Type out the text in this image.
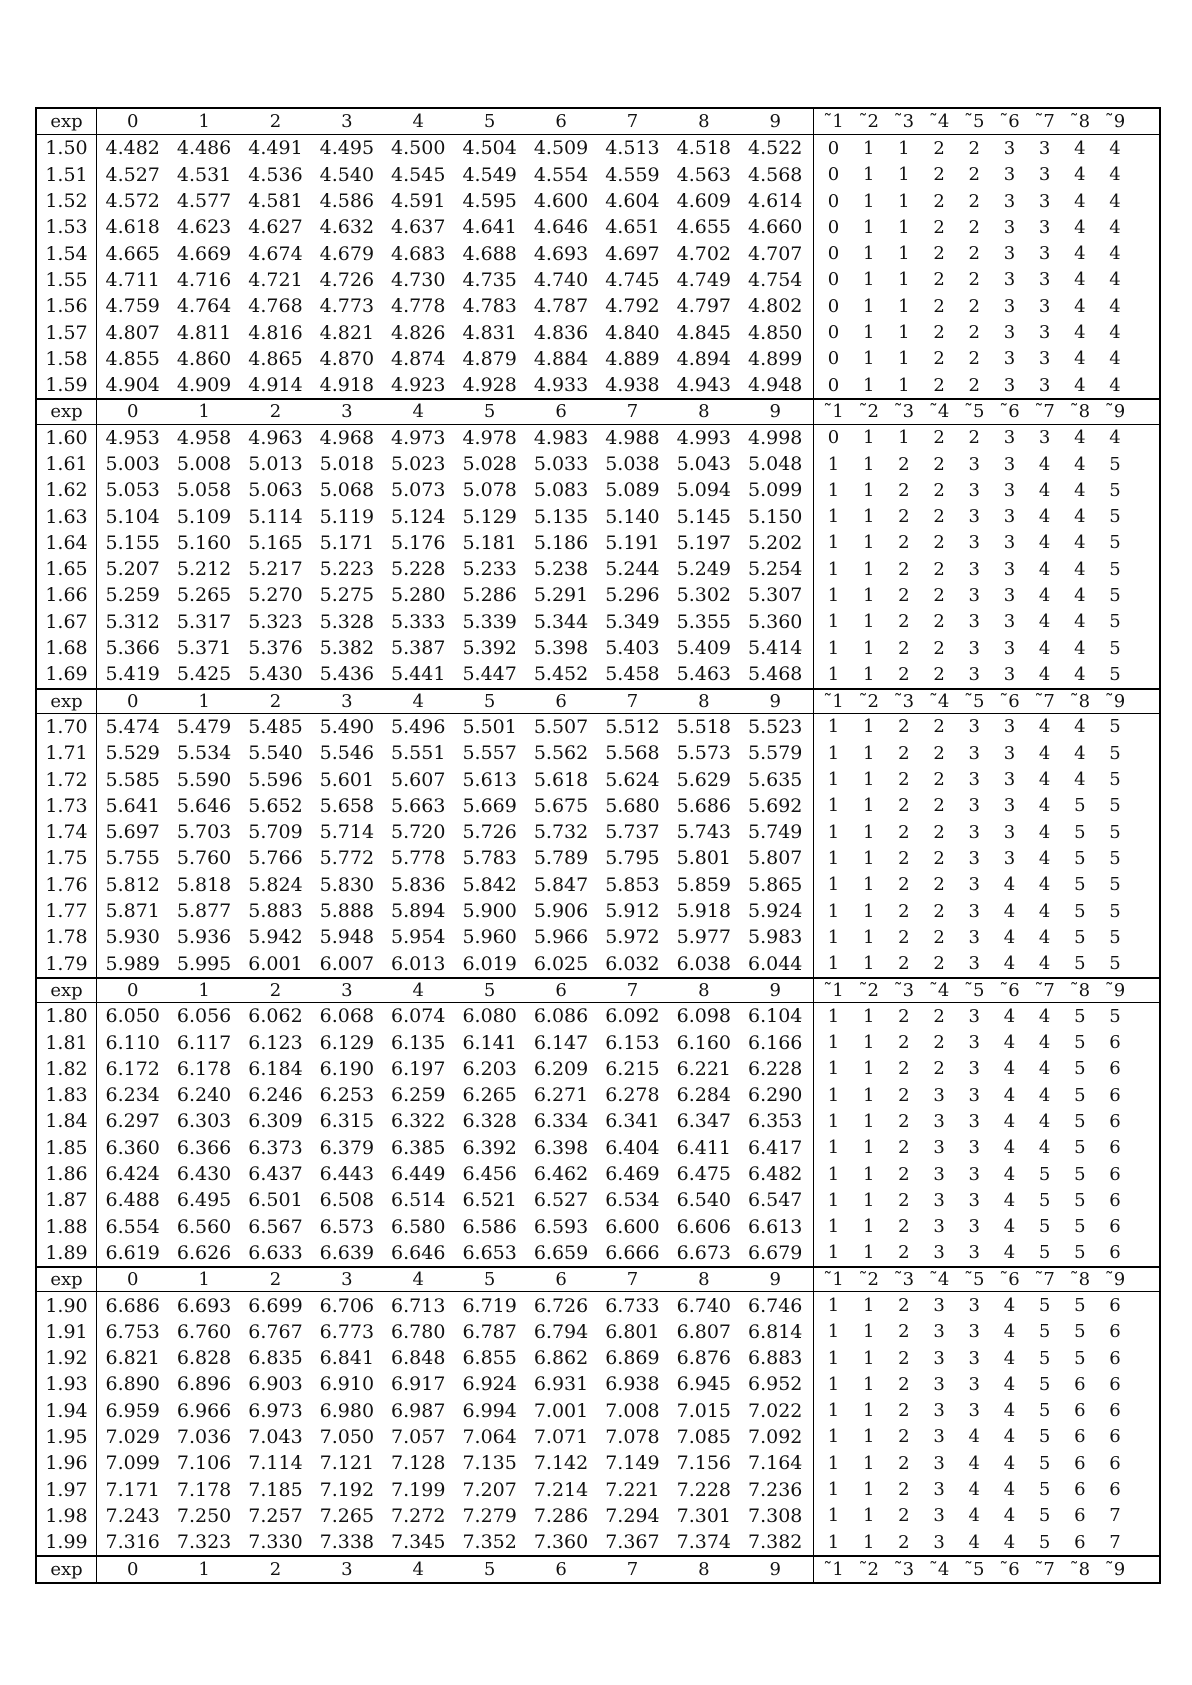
exp	0	1	2	3	4	5	6	7	8	9	˜1 ˜2 ˜3 ˜4 ˜5 ˜6 ˜7 ˜8 ˜9
1.50 4.482 4.486 4.491 4.495 4.500 4.504 4.509 4.513 4.518 4.522	0	1	1	2	2	3	3	4	4
1.51 4.527 4.531 4.536 4.540 4.545 4.549 4.554 4.559 4.563 4.568	0	1	1	2	2	3	3	4	4
1.52 4.572 4.577 4.581 4.586 4.591 4.595 4.600 4.604 4.609 4.614	0	1	1	2	2	3	3	4	4
1.53 4.618 4.623 4.627 4.632 4.637 4.641 4.646 4.651 4.655 4.660	0	1	1	2	2	3	3	4	4
1.54 4.665 4.669 4.674 4.679 4.683 4.688 4.693 4.697 4.702 4.707	0	1	1	2	2	3	3	4	4
1.55 4.711 4.716 4.721 4.726 4.730 4.735 4.740 4.745 4.749 4.754	0	1	1	2	2	3	3	4	4
1.56 4.759 4.764 4.768 4.773 4.778 4.783 4.787 4.792 4.797 4.802	0	1	1	2	2	3	3	4	4
1.57 4.807 4.811 4.816 4.821 4.826 4.831 4.836 4.840 4.845 4.850	0	1	1	2	2	3	3	4	4
1.58 4.855 4.860 4.865 4.870 4.874 4.879 4.884 4.889 4.894 4.899	0	1	1	2	2	3	3	4	4
1.59 4.904 4.909 4.914 4.918 4.923 4.928 4.933 4.938 4.943 4.948	0	1	1	2	2	3	3	4	4
exp	0	1	2	3	4	5	6	7	8	9	˜1 ˜2 ˜3 ˜4 ˜5 ˜6 ˜7 ˜8 ˜9
1.60 4.953 4.958 4.963 4.968 4.973 4.978 4.983 4.988 4.993 4.998	0	1	1	2	2	3	3	4	4
1.61 5.003 5.008 5.013 5.018 5.023 5.028 5.033 5.038 5.043 5.048	1	1	2	2	3	3	4	4	5
1.62 5.053 5.058 5.063 5.068 5.073 5.078 5.083 5.089 5.094 5.099	1	1	2	2	3	3	4	4	5
1.63 5.104 5.109 5.114 5.119 5.124 5.129 5.135 5.140 5.145 5.150	1	1	2	2	3	3	4	4	5
1.64 5.155 5.160 5.165 5.171 5.176 5.181 5.186 5.191 5.197 5.202	1	1	2	2	3	3	4	4	5
1.65 5.207 5.212 5.217 5.223 5.228 5.233 5.238 5.244 5.249 5.254	1	1	2	2	3	3	4	4	5
1.66 5.259 5.265 5.270 5.275 5.280 5.286 5.291 5.296 5.302 5.307	1	1	2	2	3	3	4	4	5
1.67 5.312 5.317 5.323 5.328 5.333 5.339 5.344 5.349 5.355 5.360	1	1	2	2	3	3	4	4	5
1.68 5.366 5.371 5.376 5.382 5.387 5.392 5.398 5.403 5.409 5.414	1	1	2	2	3	3	4	4	5
1.69 5.419 5.425 5.430 5.436 5.441 5.447 5.452 5.458 5.463 5.468	1	1	2	2	3	3	4	4	5
exp	0	1	2	3	4	5	6	7	8	9	˜1 ˜2 ˜3 ˜4 ˜5 ˜6 ˜7 ˜8 ˜9
1.70 5.474 5.479 5.485 5.490 5.496 5.501 5.507 5.512 5.518 5.523	1	1	2	2	3	3	4	4	5
1.71 5.529 5.534 5.540 5.546 5.551 5.557 5.562 5.568 5.573 5.579	1	1	2	2	3	3	4	4	5
1.72 5.585 5.590 5.596 5.601 5.607 5.613 5.618 5.624 5.629 5.635	1	1	2	2	3	3	4	4	5
1.73 5.641 5.646 5.652 5.658 5.663 5.669 5.675 5.680 5.686 5.692	1	1	2	2	3	3	4	5	5
1.74 5.697 5.703 5.709 5.714 5.720 5.726 5.732 5.737 5.743 5.749	1	1	2	2	3	3	4	5	5
1.75 5.755 5.760 5.766 5.772 5.778 5.783 5.789 5.795 5.801 5.807	1	1	2	2	3	3	4	5	5
1.76 5.812 5.818 5.824 5.830 5.836 5.842 5.847 5.853 5.859 5.865	1	1	2	2	3	4	4	5	5
1.77 5.871 5.877 5.883 5.888 5.894 5.900 5.906 5.912 5.918 5.924	1	1	2	2	3	4	4	5	5
1.78 5.930 5.936 5.942 5.948 5.954 5.960 5.966 5.972 5.977 5.983	1	1	2	2	3	4	4	5	5
1.79 5.989 5.995 6.001 6.007 6.013 6.019 6.025 6.032 6.038 6.044	1	1	2	2	3	4	4	5	5
exp	0	1	2	3	4	5	6	7	8	9	˜1 ˜2 ˜3 ˜4 ˜5 ˜6 ˜7 ˜8 ˜9
1.80 6.050 6.056 6.062 6.068 6.074 6.080 6.086 6.092 6.098 6.104	1	1	2	2	3	4	4	5	5
1.81 6.110 6.117 6.123 6.129 6.135 6.141 6.147 6.153 6.160 6.166	1	1	2	2	3	4	4	5	6
1.82 6.172 6.178 6.184 6.190 6.197 6.203 6.209 6.215 6.221 6.228	1	1	2	2	3	4	4	5	6
1.83 6.234 6.240 6.246 6.253 6.259 6.265 6.271 6.278 6.284 6.290	1	1	2	3	3	4	4	5	6
1.84 6.297 6.303 6.309 6.315 6.322 6.328 6.334 6.341 6.347 6.353	1	1	2	3	3	4	4	5	6
1.85 6.360 6.366 6.373 6.379 6.385 6.392 6.398 6.404 6.411 6.417	1	1	2	3	3	4	4	5	6
1.86 6.424 6.430 6.437 6.443 6.449 6.456 6.462 6.469 6.475 6.482	1	1	2	3	3	4	5	5	6
1.87 6.488 6.495 6.501 6.508 6.514 6.521 6.527 6.534 6.540 6.547	1	1	2	3	3	4	5	5	6
1.88 6.554 6.560 6.567 6.573 6.580 6.586 6.593 6.600 6.606 6.613	1	1	2	3	3	4	5	5	6
1.89 6.619 6.626 6.633 6.639 6.646 6.653 6.659 6.666 6.673 6.679	1	1	2	3	3	4	5	5	6
exp	0	1	2	3	4	5	6	7	8	9	˜1 ˜2 ˜3 ˜4 ˜5 ˜6 ˜7 ˜8 ˜9
1.90 6.686 6.693 6.699 6.706 6.713 6.719 6.726 6.733 6.740 6.746	1	1	2	3	3	4	5	5	6
1.91 6.753 6.760 6.767 6.773 6.780 6.787 6.794 6.801 6.807 6.814	1	1	2	3	3	4	5	5	6
1.92 6.821 6.828 6.835 6.841 6.848 6.855 6.862 6.869 6.876 6.883	1	1	2	3	3	4	5	5	6
1.93 6.890 6.896 6.903 6.910 6.917 6.924 6.931 6.938 6.945 6.952	1	1	2	3	3	4	5	6	6
1.94 6.959 6.966 6.973 6.980 6.987 6.994 7.001 7.008 7.015 7.022	1	1	2	3	3	4	5	6	6
1.95 7.029 7.036 7.043 7.050 7.057 7.064 7.071 7.078 7.085 7.092	1	1	2	3	4	4	5	6	6
1.96 7.099 7.106 7.114 7.121 7.128 7.135 7.142 7.149 7.156 7.164	1	1	2	3	4	4	5	6	6
1.97 7.171 7.178 7.185 7.192 7.199 7.207 7.214 7.221 7.228 7.236	1	1	2	3	4	4	5	6	6
1.98 7.243 7.250 7.257 7.265 7.272 7.279 7.286 7.294 7.301 7.308	1	1	2	3	4	4	5	6	7
1.99 7.316 7.323 7.330 7.338 7.345 7.352 7.360 7.367 7.374 7.382	1	1	2	3	4	4	5	6	7
exp	0	1	2	3	4	5	6	7	8	9	˜1 ˜2 ˜3 ˜4 ˜5 ˜6 ˜7 ˜8 ˜9
